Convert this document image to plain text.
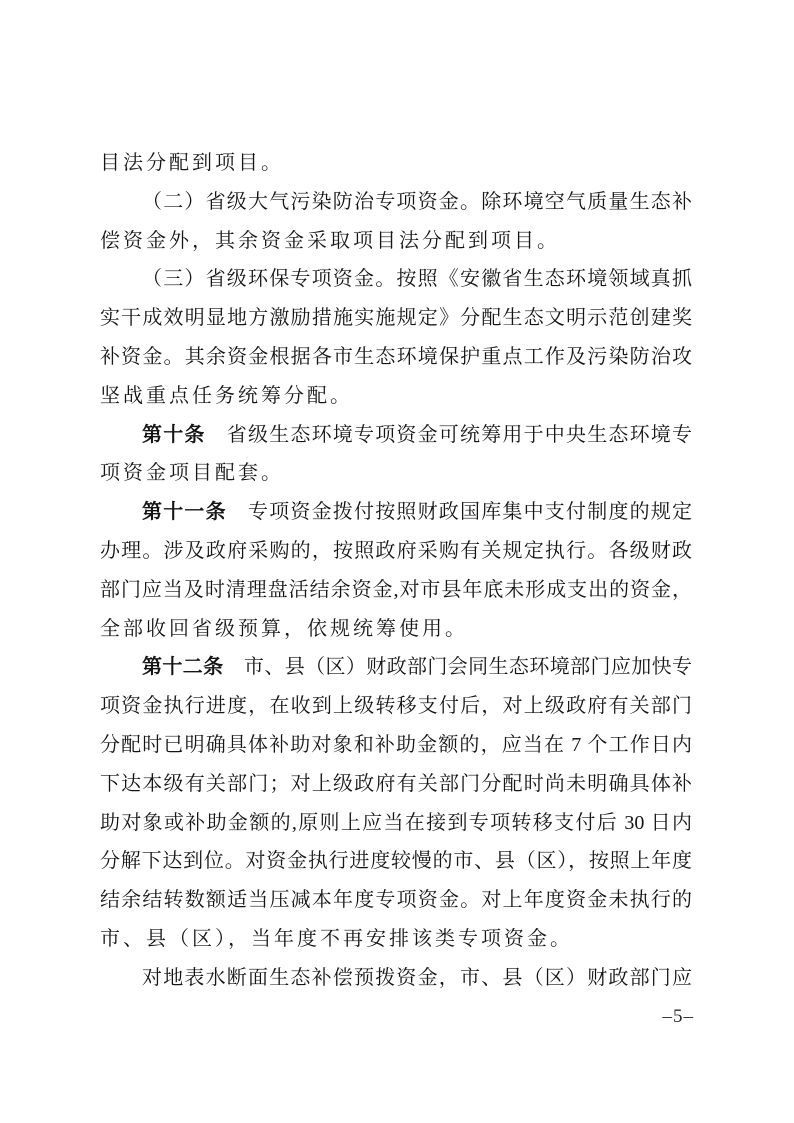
目法分配到项目。
（二）省级大气污染防治专项资金。除环境空气质量生态补
偿资金外，其余资金采取项目法分配到项目。
（三）省级环保专项资金。按照《安徽省生态环境领域真抓
实干成效明显地方激励措施实施规定》分配生态文明示范创建奖
补资金。其余资金根据各市生态环境保护重点工作及污染防治攻
坚战重点任务统筹分配。
第十条　省级生态环境专项资金可统筹用于中央生态环境专
项资金项目配套。
第十一条　专项资金拨付按照财政国库集中支付制度的规定
办理。涉及政府采购的，按照政府采购有关规定执行。各级财政
部门应当及时清理盘活结余资金,对市县年底未形成支出的资金，
全部收回省级预算，依规统筹使用。
第十二条　市、县（区）财政部门会同生态环境部门应加快专
项资金执行进度，在收到上级转移支付后，对上级政府有关部门
分配时已明确具体补助对象和补助金额的，应当在 7 个工作日内
下达本级有关部门；对上级政府有关部门分配时尚未明确具体补
助对象或补助金额的,原则上应当在接到专项转移支付后 30 日内
分解下达到位。对资金执行进度较慢的市、县（区），按照上年度
结余结转数额适当压减本年度专项资金。对上年度资金未执行的
市、县（区），当年度不再安排该类专项资金。
对地表水断面生态补偿预拨资金，市、县（区）财政部门应
–5–
